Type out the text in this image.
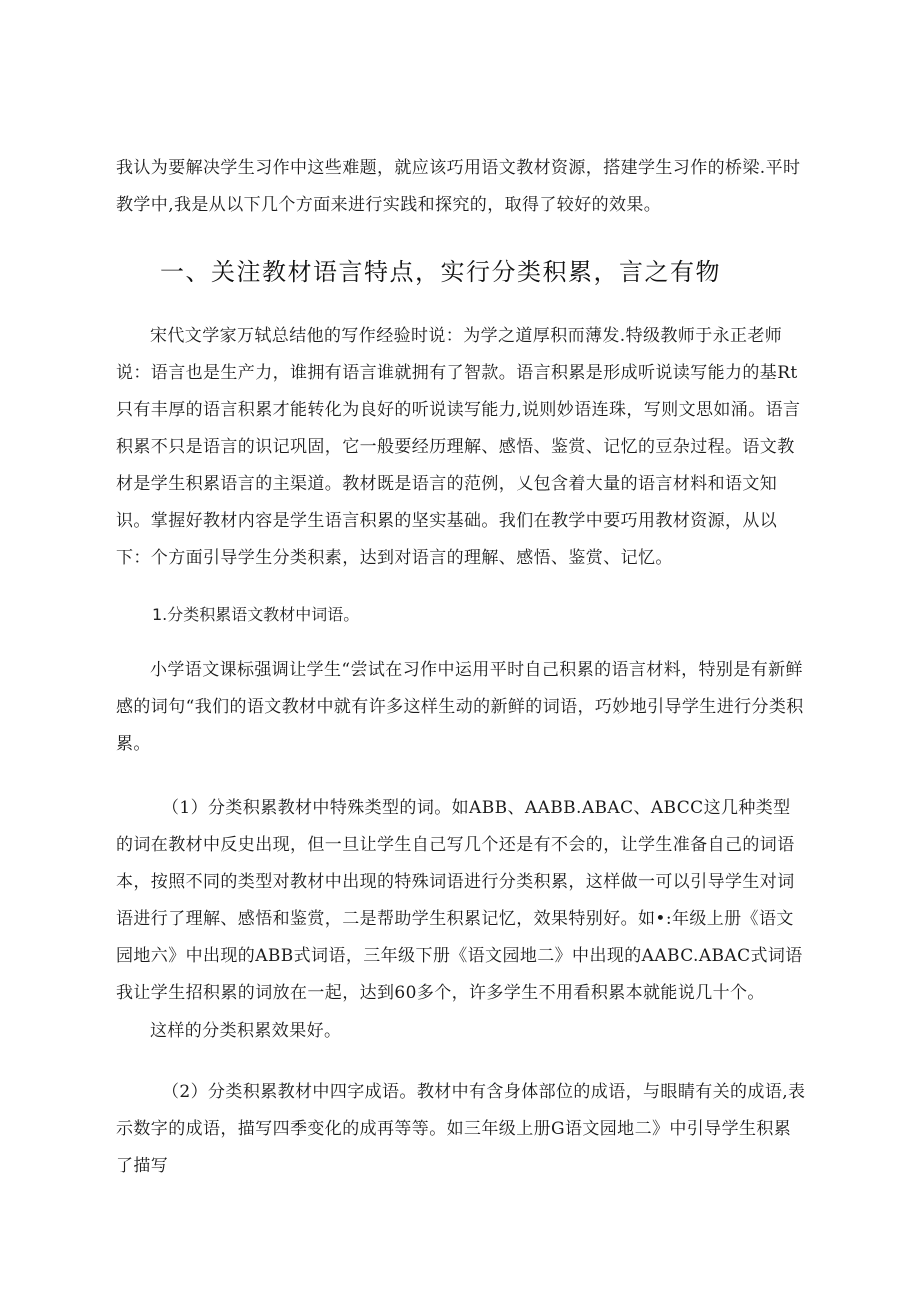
我认为要解决学生习作中这些难题，就应该巧用语文教材资源，搭建学生习作的桥梁.平时教学中,我是从以下几个方面来进行实践和探究的，取得了较好的效果。

一、关注教材语言特点，实行分类积累，言之有物

宋代文学家万轼总结他的写作经验时说：为学之道厚积而薄发.特级教师于永正老师说：语言也是生产力，谁拥有语言谁就拥有了智款。语言积累是形成听说读写能力的基Rt只有丰厚的语言积累才能转化为良好的听说读写能力,说则妙语连珠，写则文思如涌。语言积累不只是语言的识记巩固，它一般要经历理解、感悟、鉴赏、记忆的豆杂过程。语文教材是学生积累语言的主渠道。教材既是语言的范例，乂包含着大量的语言材料和语文知识。掌握好教材内容是学生语言积累的坚实基础。我们在教学中要巧用教材资源，从以下：个方面引导学生分类积素，达到对语言的理解、感悟、鉴赏、记忆。

1.分类积累语文教材中词语。

小学语文课标强调让学生“尝试在习作中运用平时自己积累的语言材料，特别是有新鲜感的词句“我们的语文教材中就有许多这样生动的新鲜的词语，巧妙地引导学生进行分类积累。

（1）分类积累教材中特殊类型的词。如ABB、AABB.ABAC、ABCC这几种类型的词在教材中反史出现，但一旦让学生自己写几个还是有不会的，让学生准备自己的词语本，按照不同的类型对教材中出现的特殊词语进行分类积累，这样做一可以引导学生对词语进行了理解、感悟和鉴赏，二是帮助学生积累记忆，效果特别好。如•:年级上册《语文园地六》中出现的ABB式词语，三年级下册《语文园地二》中出现的AABC.ABAC式词语我让学生招积累的词放在一起，达到60多个，许多学生不用看积累本就能说几十个。

这样的分类积累效果好。

（2）分类积累教材中四字成语。教材中有含身体部位的成语，与眼睛有关的成语,表示数字的成语，描写四季变化的成再等等。如三年级上册G语文园地二》中引导学生积累了描写
